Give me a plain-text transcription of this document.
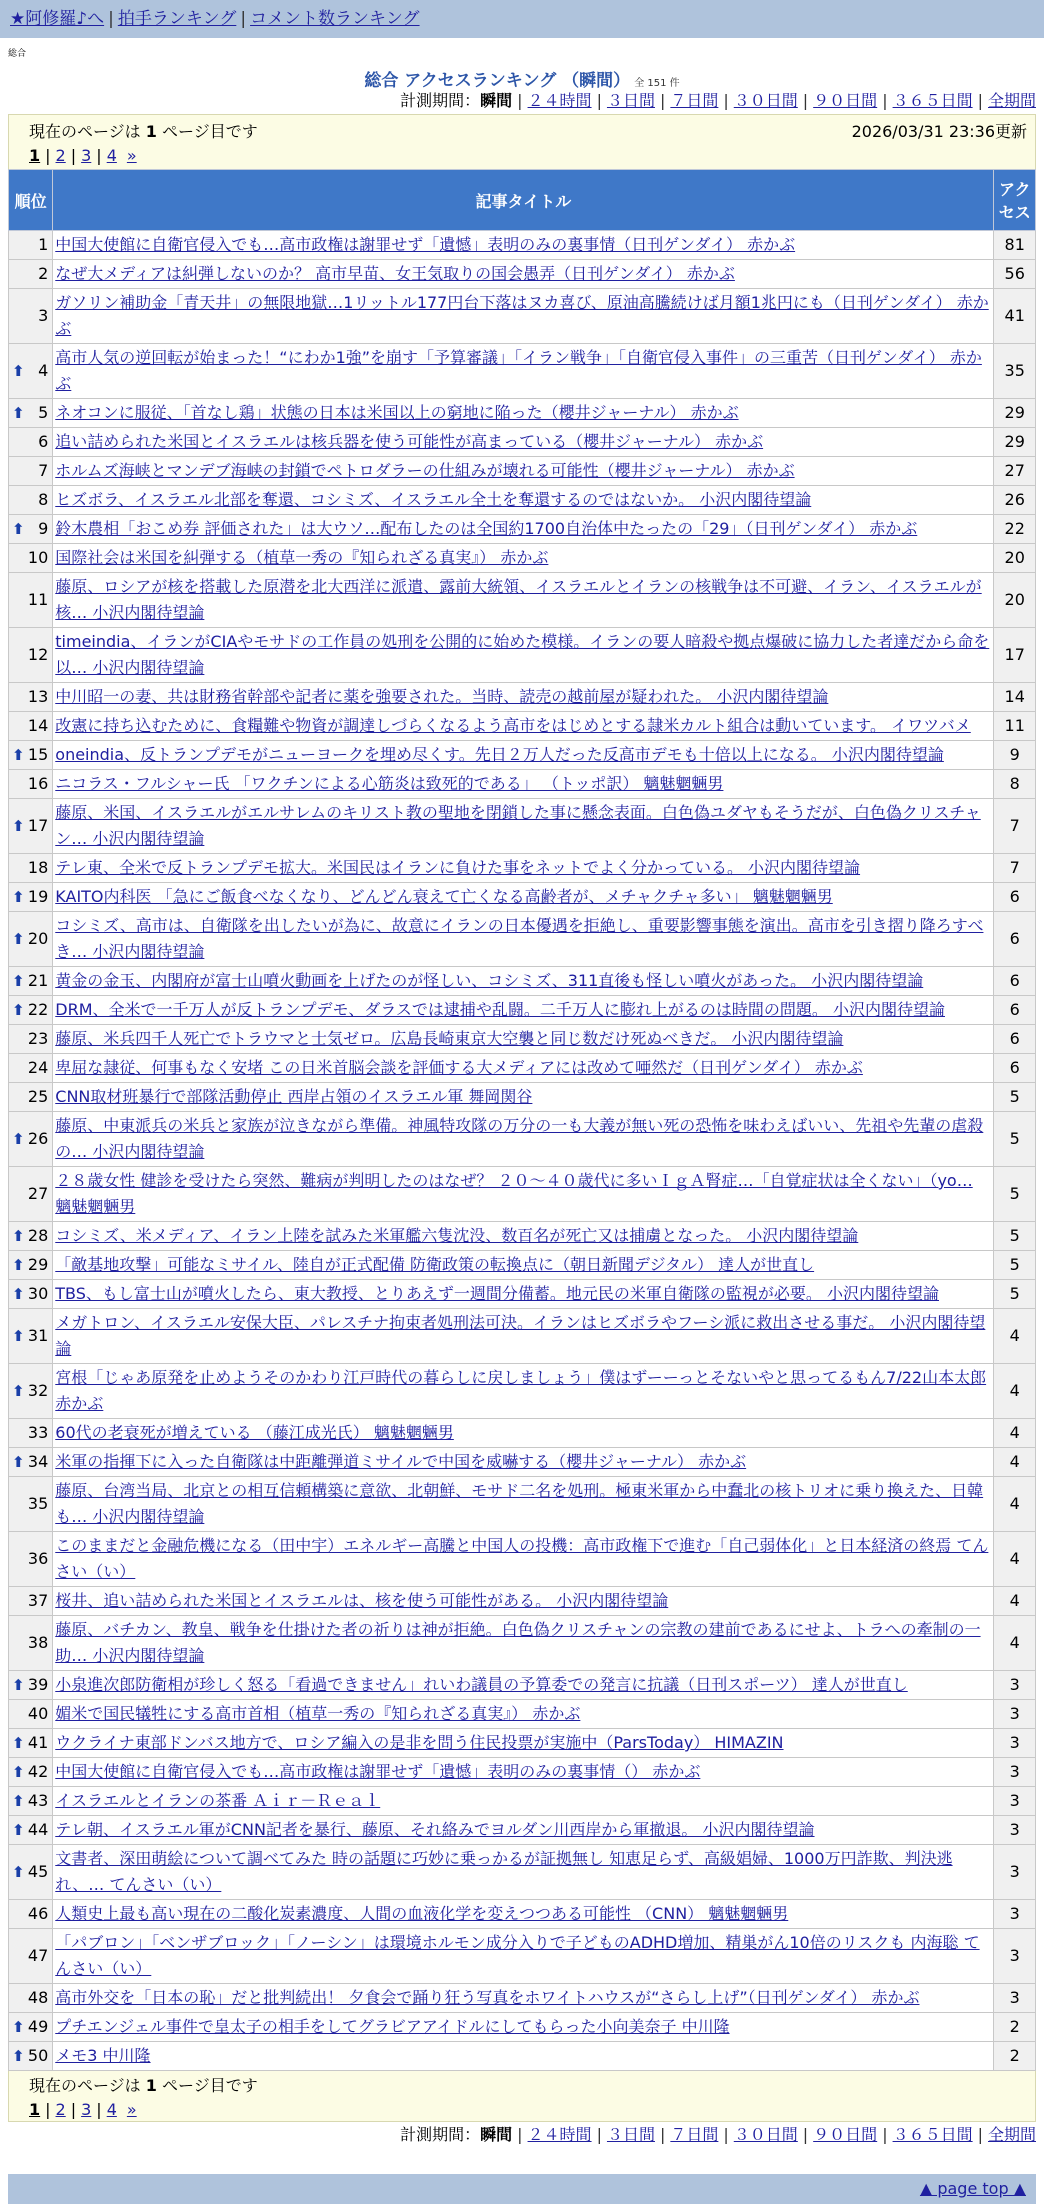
★阿修羅♪へ | 拍手ランキング | コメント数ランキング
総合
総合 アクセスランキング （瞬間） 全 151 件
計測期間：瞬間 | ２４時間 | ３日間 | ７日間 | ３０日間 | ９０日間 | ３６５日間 | 全期間
現在のページは 1 ページ目です	2026/03/31 23:36更新
1 | 2 | 3 | 4 »
順位	記事タイトル	アクセス
1	中国大使館に自衛官侵入でも…高市政権は謝罪せず「遺憾」表明のみの裏事情（日刊ゲンダイ） 赤かぶ	81
2	なぜ大メディアは糾弾しないのか？ 高市早苗、女王気取りの国会愚弄（日刊ゲンダイ） 赤かぶ	56
3	ガソリン補助金「青天井」の無限地獄…1リットル177円台下落はヌカ喜び、原油高騰続けば月額1兆円にも（日刊ゲンダイ） 赤かぶ	41

⬆ 4	高市人気の逆回転が始まった！“にわか1強”を崩す「予算審議」「イラン戦争」「自衛官侵入事件」の三重苦（日刊ゲンダイ） 赤かぶ	35

⬆ 5	ネオコンに服従、「首なし鶏」状態の日本は米国以上の窮地に陥った（櫻井ジャーナル） 赤かぶ	29
6	追い詰められた米国とイスラエルは核兵器を使う可能性が高まっている（櫻井ジャーナル） 赤かぶ	29
7	ホルムズ海峡とマンデブ海峡の封鎖でペトロダラーの仕組みが壊れる可能性（櫻井ジャーナル） 赤かぶ	27
8	ヒズボラ、イスラエル北部を奪還、コシミズ、イスラエル全土を奪還するのではないか。 小沢内閣待望論	26

⬆ 9	鈴木農相「おこめ券 評価された」は大ウソ…配布したのは全国約1700自治体中たったの「29」（日刊ゲンダイ） 赤かぶ	22
10	国際社会は米国を糾弾する（植草一秀の『知られざる真実』） 赤かぶ	20
11	藤原、ロシアが核を搭載した原潜を北大西洋に派遣、露前大統領、イスラエルとイランの核戦争は不可避、イラン、イスラエルが核… 小沢内閣待望論	20
12	timeindia、イランがCIAやモサドの工作員の処刑を公開的に始めた模様。イランの要人暗殺や拠点爆破に協力した者達だから命を以… 小沢内閣待望論	17
13	中川昭一の妻、共は財務省幹部や記者に薬を強要された。当時、読売の越前屋が疑われた。 小沢内閣待望論	14
14	改憲に持ち込むために、食糧難や物資が調達しづらくなるよう高市をはじめとする隷米カルト組合は動いています。 イワツバメ	11

⬆ 15	oneindia、反トランプデモがニューヨークを埋め尽くす。先日２万人だった反高市デモも十倍以上になる。 小沢内閣待望論	9
16	ニコラス・フルシャー氏 「ワクチンによる心筋炎は致死的である」 （トッポ訳） 魑魅魍魎男	8

⬆ 17	藤原、米国、イスラエルがエルサレムのキリスト教の聖地を閉鎖した事に懸念表面。白色偽ユダヤもそうだが、白色偽クリスチャン… 小沢内閣待望論	7
18	テレ東、全米で反トランプデモ拡大。米国民はイランに負けた事をネットでよく分かっている。 小沢内閣待望論	7

⬆ 19	KAITO内科医 「急にご飯食べなくなり、どんどん衰えて亡くなる高齢者が、メチャクチャ多い」 魑魅魍魎男	6

⬆ 20	コシミズ、高市は、自衛隊を出したいが為に、故意にイランの日本優遇を拒絶し、重要影響事態を演出。高市を引き摺り降ろすべき… 小沢内閣待望論	6

⬆ 21	黄金の金玉、内閣府が富士山噴火動画を上げたのが怪しい、コシミズ、311直後も怪しい噴火があった。 小沢内閣待望論	6

⬆ 22	DRM、全米で一千万人が反トランプデモ、ダラスでは逮捕や乱闘。二千万人に膨れ上がるのは時間の問題。 小沢内閣待望論	6
23	藤原、米兵四千人死亡でトラウマと士気ゼロ。広島長崎東京大空襲と同じ数だけ死ぬべきだ。 小沢内閣待望論	6
24	卑屈な隷従、何事もなく安堵 この日米首脳会談を評価する大メディアには改めて唖然だ（日刊ゲンダイ） 赤かぶ	6
25	CNN取材班暴行で部隊活動停止 西岸占領のイスラエル軍 舞岡関谷	5

⬆ 26	藤原、中東派兵の米兵と家族が泣きながら準備。神風特攻隊の万分の一も大義が無い死の恐怖を味わえばいい、先祖や先輩の虐殺の… 小沢内閣待望論	5
27	２８歳女性 健診を受けたら突然、難病が判明したのはなぜ？ ２０～４０歳代に多いＩｇＡ腎症…「自覚症状は全くない」（yo… 魑魅魍魎男	5

⬆ 28	コシミズ、米メディア、イラン上陸を試みた米軍艦六隻沈没、数百名が死亡又は捕虜となった。 小沢内閣待望論	5

⬆ 29	「敵基地攻撃」可能なミサイル、陸自が正式配備 防衛政策の転換点に（朝日新聞デジタル） 達人が世直し	5

⬆ 30	TBS、もし富士山が噴火したら、東大教授、とりあえず一週間分備蓄。地元民の米軍自衛隊の監視が必要。 小沢内閣待望論	5

⬆ 31	メガトロン、イスラエル安保大臣、パレスチナ拘束者処刑法可決。イランはヒズボラやフーシ派に救出させる事だ。 小沢内閣待望論	4

⬆ 32	宮根「じゃあ原発を止めようそのかわり江戸時代の暮らしに戻しましょう」僕はずーーっとそないやと思ってるもん7/22山本太郎 赤かぶ	4
33	60代の老衰死が増えている （藤江成光氏） 魑魅魍魎男	4

⬆ 34	米軍の指揮下に入った自衛隊は中距離弾道ミサイルで中国を威嚇する（櫻井ジャーナル） 赤かぶ	4
35	藤原、台湾当局、北京との相互信頼構築に意欲、北朝鮮、モサド二名を処刑。極東米軍から中蠢北の核トリオに乗り換えた、日韓も… 小沢内閣待望論	4
36	このままだと金融危機になる（田中宇）エネルギー高騰と中国人の投機：高市政権下で進む「自己弱体化」と日本経済の終焉 てんさい（い）	4
37	桜井、追い詰められた米国とイスラエルは、核を使う可能性がある。 小沢内閣待望論	4
38	藤原、バチカン、教皇、戦争を仕掛けた者の祈りは神が拒絶。白色偽クリスチャンの宗教の建前であるにせよ、トラへの牽制の一助… 小沢内閣待望論	4

⬆ 39	小泉進次郎防衛相が珍しく怒る「看過できません」れいわ議員の予算委での発言に抗議（日刊スポーツ） 達人が世直し	3
40	媚米で国民犠牲にする高市首相（植草一秀の『知られざる真実』） 赤かぶ	3

⬆ 41	ウクライナ東部ドンバス地方で、ロシア編入の是非を問う住民投票が実施中（ParsToday） HIMAZIN	3

⬆ 42	中国大使館に自衛官侵入でも…高市政権は謝罪せず「遺憾」表明のみの裏事情（） 赤かぶ	3

⬆ 43	イスラエルとイランの茶番 Ａｉｒ－Ｒｅａｌ	3

⬆ 44	テレ朝、イスラエル軍がCNN記者を暴行、藤原、それ絡みでヨルダン川西岸から軍撤退。 小沢内閣待望論	3

⬆ 45	文書者、深田萌絵について調べてみた 時の話題に巧妙に乗っかるが証拠無し 知恵足らず、高級娼婦、1000万円詐欺、判決逃れ、… てんさい（い）	3
46	人類史上最も高い現在の二酸化炭素濃度、人間の血液化学を変えつつある可能性 （CNN） 魑魅魍魎男	3
47	「パブロン」「ベンザブロック」「ノーシン」は環境ホルモン成分入りで子どものADHD増加、精巣がん10倍のリスクも 内海聡 てんさい（い）	3
48	高市外交を「日本の恥」だと批判続出！ 夕食会で踊り狂う写真をホワイトハウスが“さらし上げ”（日刊ゲンダイ） 赤かぶ	3

⬆ 49	プチエンジェル事件で皇太子の相手をしてグラビアアイドルにしてもらった小向美奈子 中川隆	2

⬆ 50	メモ3 中川隆	2
現在のページは 1 ページ目です
1 | 2 | 3 | 4 »
計測期間：瞬間 | ２４時間 | ３日間 | ７日間 | ３０日間 | ９０日間 | ３６５日間 | 全期間
▲ page top ▲
